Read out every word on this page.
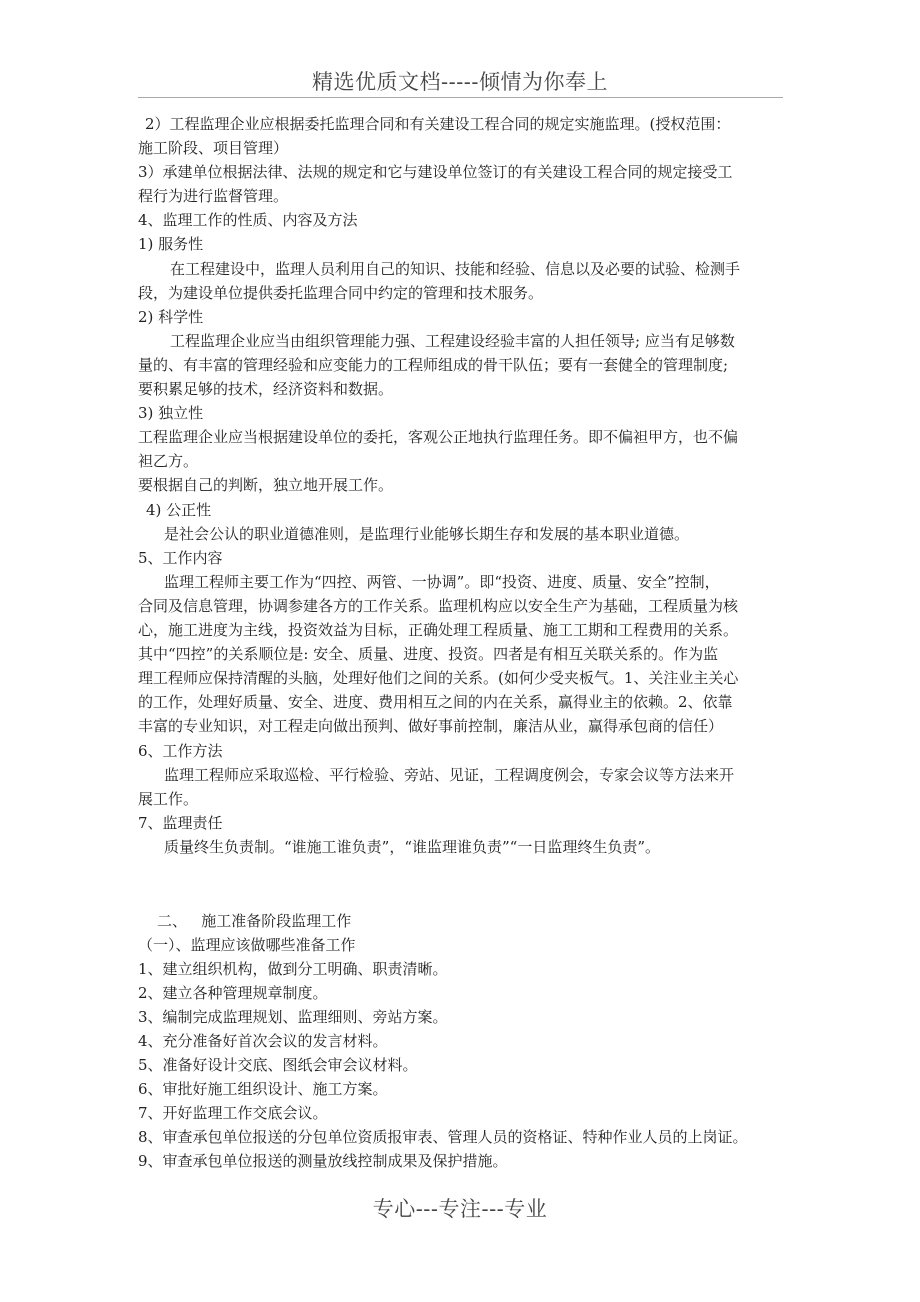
精选优质文档-----倾情为你奉上
2）工程监理企业应根据委托监理合同和有关建设工程合同的规定实施监理。(授权范围：
施工阶段、项目管理）
3）承建单位根据法律、法规的规定和它与建设单位签订的有关建设工程合同的规定接受工
程行为进行监督管理。
4、监理工作的性质、内容及方法
1) 服务性
在工程建设中，监理人员利用自己的知识、技能和经验、信息以及必要的试验、检测手
段，为建设单位提供委托监理合同中约定的管理和技术服务。
2) 科学性
工程监理企业应当由组织管理能力强、工程建设经验丰富的人担任领导; 应当有足够数
量的、有丰富的管理经验和应变能力的工程师组成的骨干队伍；要有一套健全的管理制度;
要积累足够的技术，经济资料和数据。
3) 独立性
工程监理企业应当根据建设单位的委托，客观公正地执行监理任务。即不偏袒甲方，也不偏
袒乙方。
要根据自己的判断，独立地开展工作。
4) 公正性
是社会公认的职业道德准则，是监理行业能够长期生存和发展的基本职业道德。
5、工作内容
监理工程师主要工作为“四控、两管、一协调”。即“投资、进度、质量、安全”控制，
合同及信息管理，协调参建各方的工作关系。监理机构应以安全生产为基础，工程质量为核
心，施工进度为主线，投资效益为目标，正确处理工程质量、施工工期和工程费用的关系。
其中“四控”的关系顺位是: 安全、质量、进度、投资。四者是有相互关联关系的。作为监
理工程师应保持清醒的头脑，处理好他们之间的关系。(如何少受夹板气。1、关注业主关心
的工作，处理好质量、安全、进度、费用相互之间的内在关系，赢得业主的依赖。2、依靠
丰富的专业知识，对工程走向做出预判、做好事前控制，廉洁从业，赢得承包商的信任）
6、工作方法
监理工程师应采取巡检、平行检验、旁站、见证，工程调度例会，专家会议等方法来开
展工作。
7、监理责任
质量终生负责制。“谁施工谁负责”，“谁监理谁负责”“一日监理终生负责”。
二、   施工准备阶段监理工作
（一）、监理应该做哪些准备工作
1、建立组织机构，做到分工明确、职责清晰。
2、建立各种管理规章制度。
3、编制完成监理规划、监理细则、旁站方案。
4、充分准备好首次会议的发言材料。
5、准备好设计交底、图纸会审会议材料。
6、审批好施工组织设计、施工方案。
7、开好监理工作交底会议。
8、审查承包单位报送的分包单位资质报审表、管理人员的资格证、特种作业人员的上岗证。
9、审查承包单位报送的测量放线控制成果及保护措施。
专心---专注---专业
